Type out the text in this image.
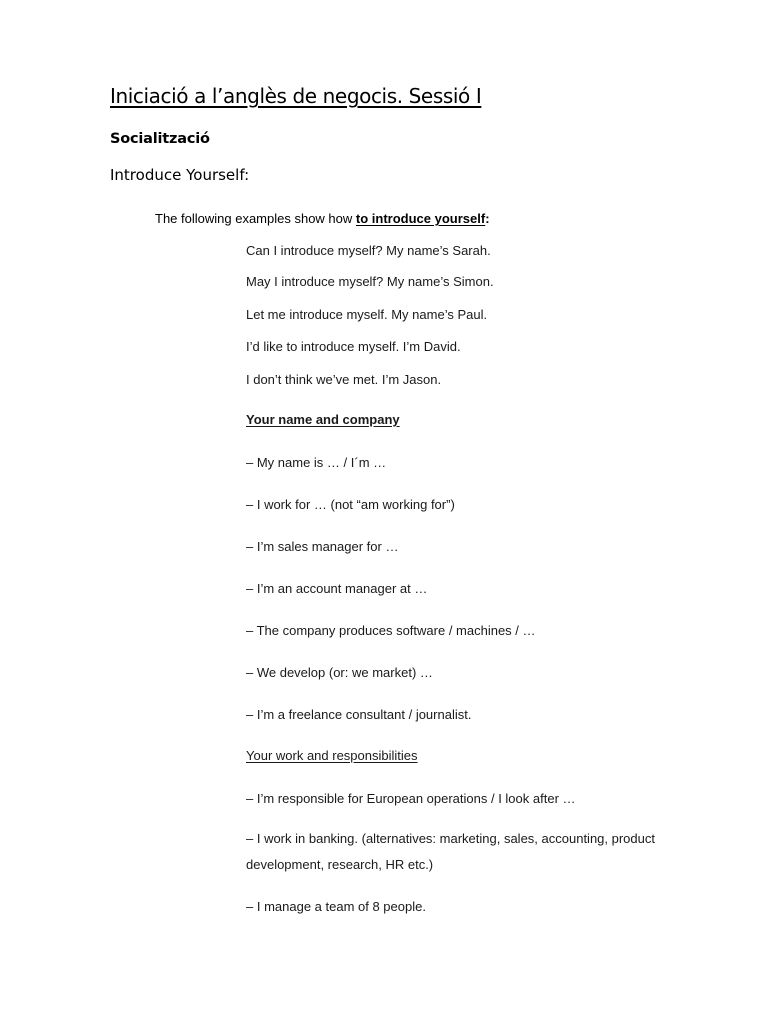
Iniciació a l’anglès de negocis. Sessió I
Socialització
Introduce Yourself:
The following examples show how to introduce yourself:
Can I introduce myself? My name’s Sarah.
May I introduce myself? My name’s Simon.
Let me introduce myself. My name’s Paul.
I’d like to introduce myself. I’m David.
I don’t think we’ve met. I’m Jason.
Your name and company
– My name is … / I´m …
– I work for … (not “am working for”)
– I’m sales manager for …
– I’m an account manager at …
– The company produces software / machines / …
– We develop (or: we market) …
– I’m a freelance consultant / journalist.
Your work and responsibilities
– I’m responsible for European operations / I look after …
– I work in banking. (alternatives: marketing, sales, accounting, product development, research, HR etc.)
– I manage a team of 8 people.
